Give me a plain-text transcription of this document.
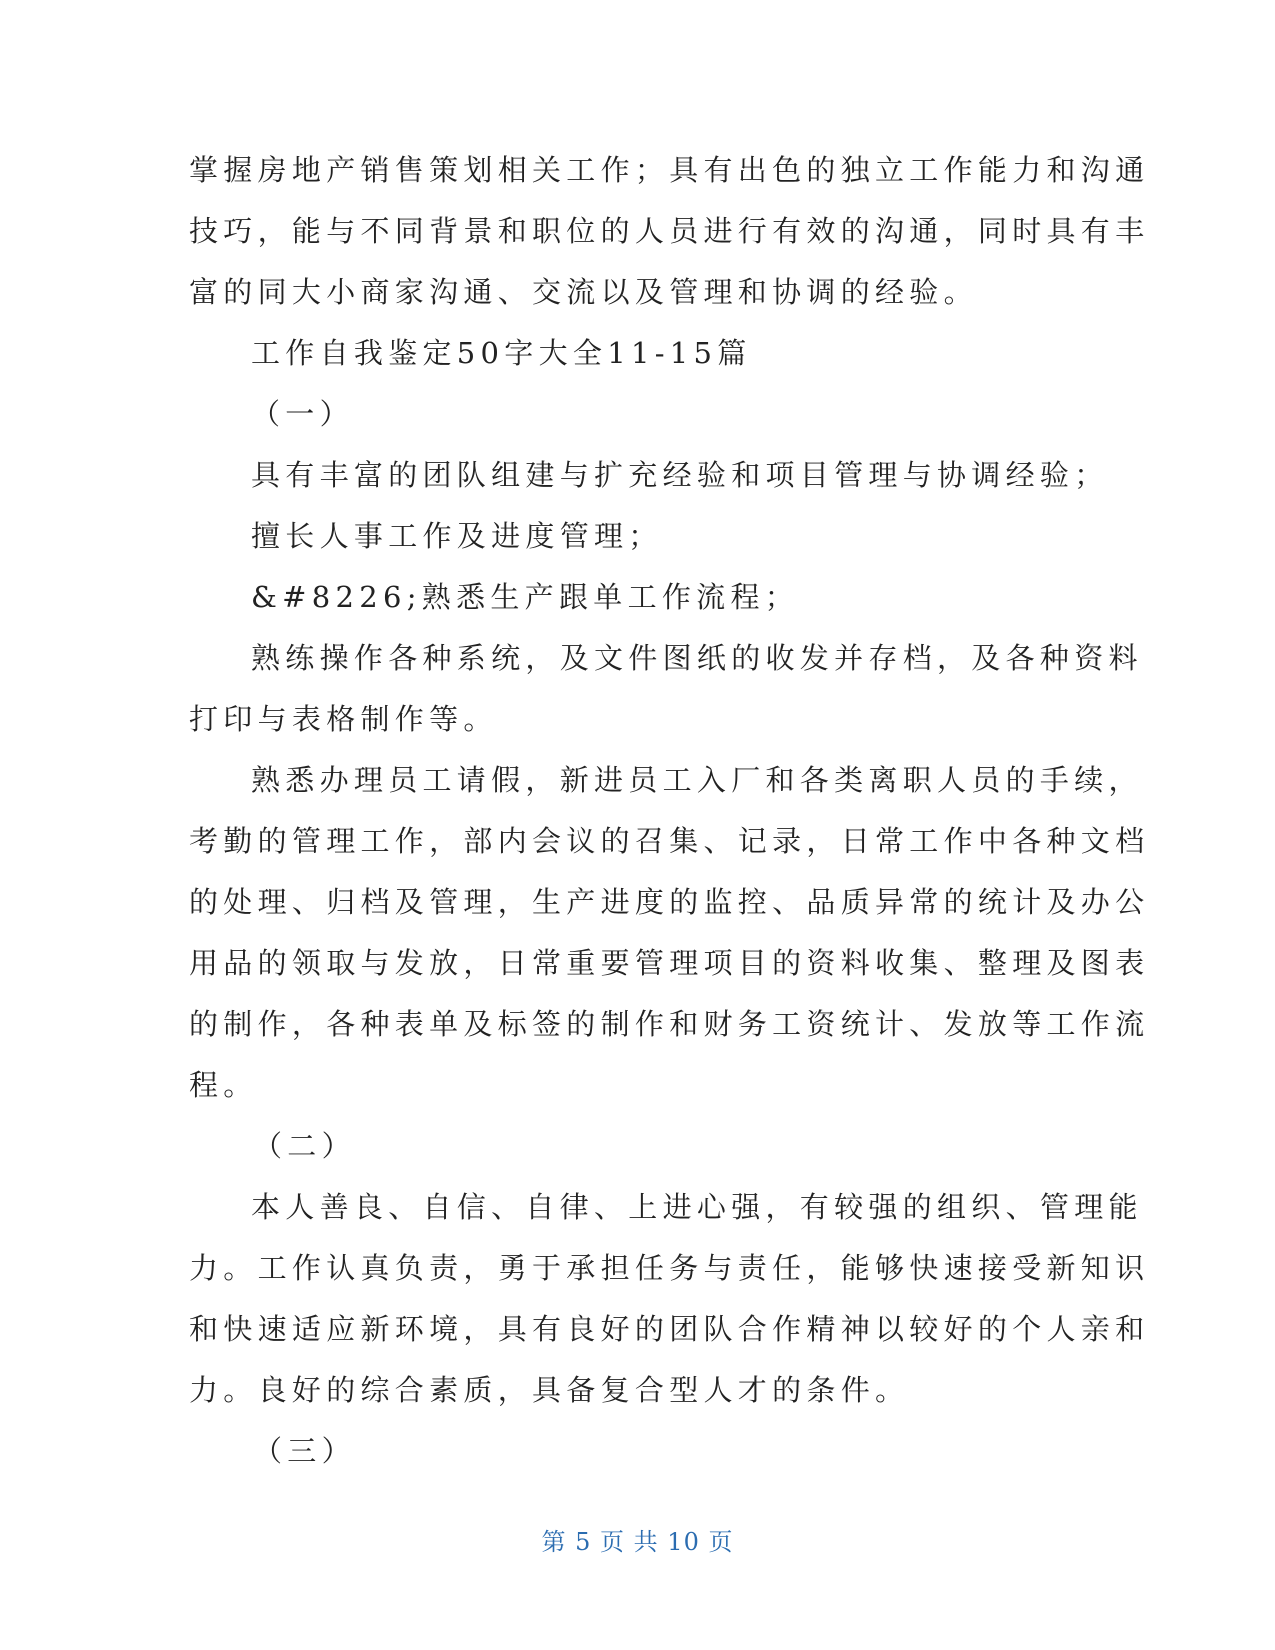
掌握房地产销售策划相关工作；具有出色的独立工作能力和沟通
技巧，能与不同背景和职位的人员进行有效的沟通，同时具有丰
富的同大小商家沟通、交流以及管理和协调的经验。
工作自我鉴定50字大全11-15篇
（一）
具有丰富的团队组建与扩充经验和项目管理与协调经验；
擅长人事工作及进度管理；
&#8226;熟悉生产跟单工作流程；
熟练操作各种系统，及文件图纸的收发并存档，及各种资料
打印与表格制作等。
熟悉办理员工请假，新进员工入厂和各类离职人员的手续，
考勤的管理工作，部内会议的召集、记录，日常工作中各种文档
的处理、归档及管理，生产进度的监控、品质异常的统计及办公
用品的领取与发放，日常重要管理项目的资料收集、整理及图表
的制作，各种表单及标签的制作和财务工资统计、发放等工作流
程。
（二）
本人善良、自信、自律、上进心强，有较强的组织、管理能
力。工作认真负责，勇于承担任务与责任，能够快速接受新知识
和快速适应新环境，具有良好的团队合作精神以较好的个人亲和
力。良好的综合素质，具备复合型人才的条件。
（三）
第 5 页 共 10 页
